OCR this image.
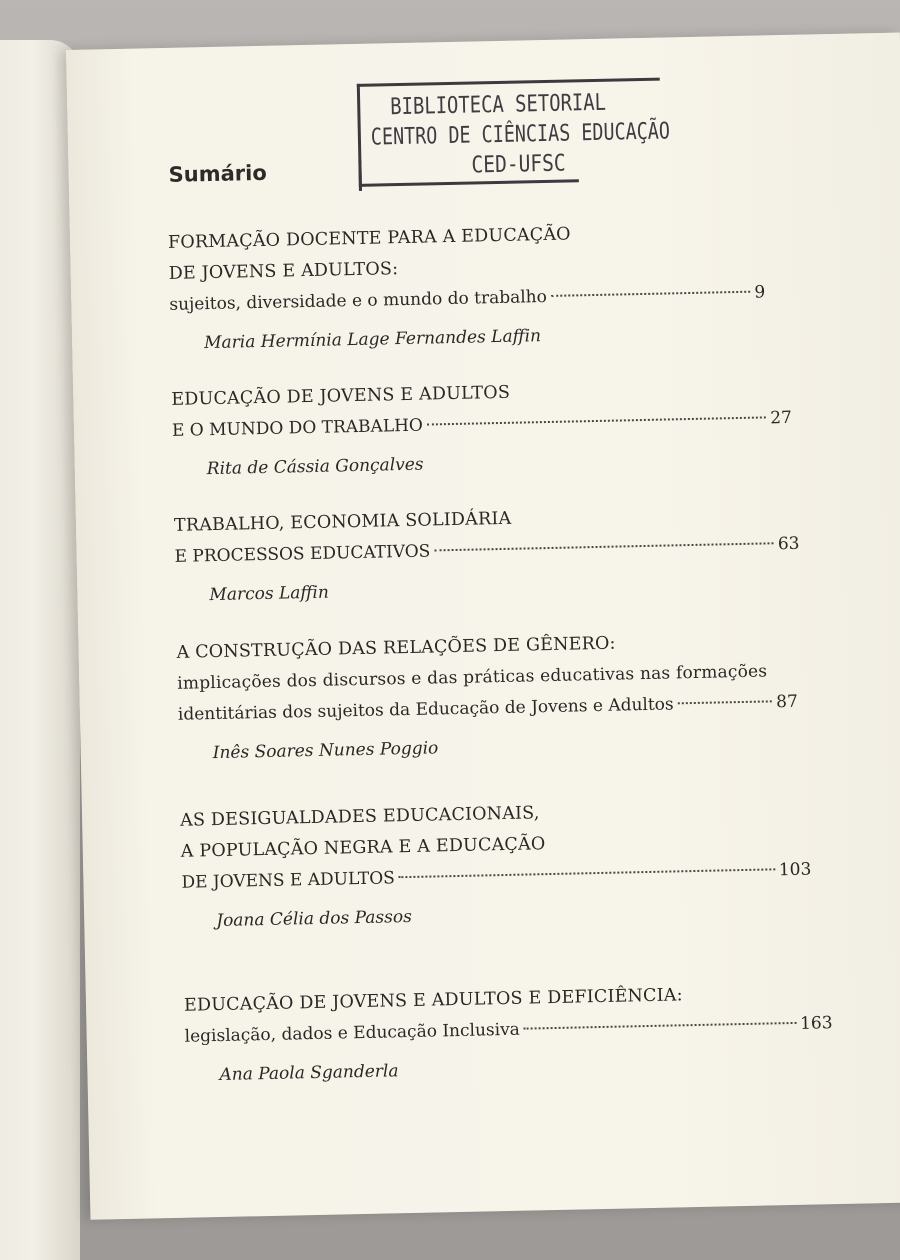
BIBLIOTECA SETORIAL
CENTRO DE CIÊNCIAS EDUCAÇÃO
CED-UFSC
Sumário
FORMAÇÃO DOCENTE PARA A EDUCAÇÃO
DE JOVENS E ADULTOS:
sujeitos, diversidade e o mundo do trabalho	9
Maria Hermínia Lage Fernandes Laffin
EDUCAÇÃO DE JOVENS E ADULTOS
E O MUNDO DO TRABALHO	27
Rita de Cássia Gonçalves
TRABALHO, ECONOMIA SOLIDÁRIA
E PROCESSOS EDUCATIVOS	63
Marcos Laffin
A CONSTRUÇÃO DAS RELAÇÕES DE GÊNERO:
implicações dos discursos e das práticas educativas nas formações
identitárias dos sujeitos da Educação de Jovens e Adultos	87
Inês Soares Nunes Poggio
AS DESIGUALDADES EDUCACIONAIS,
A POPULAÇÃO NEGRA E A EDUCAÇÃO
DE JOVENS E ADULTOS	103
Joana Célia dos Passos
EDUCAÇÃO DE JOVENS E ADULTOS E DEFICIÊNCIA:
legislação, dados e Educação Inclusiva	163
Ana Paola Sganderla
